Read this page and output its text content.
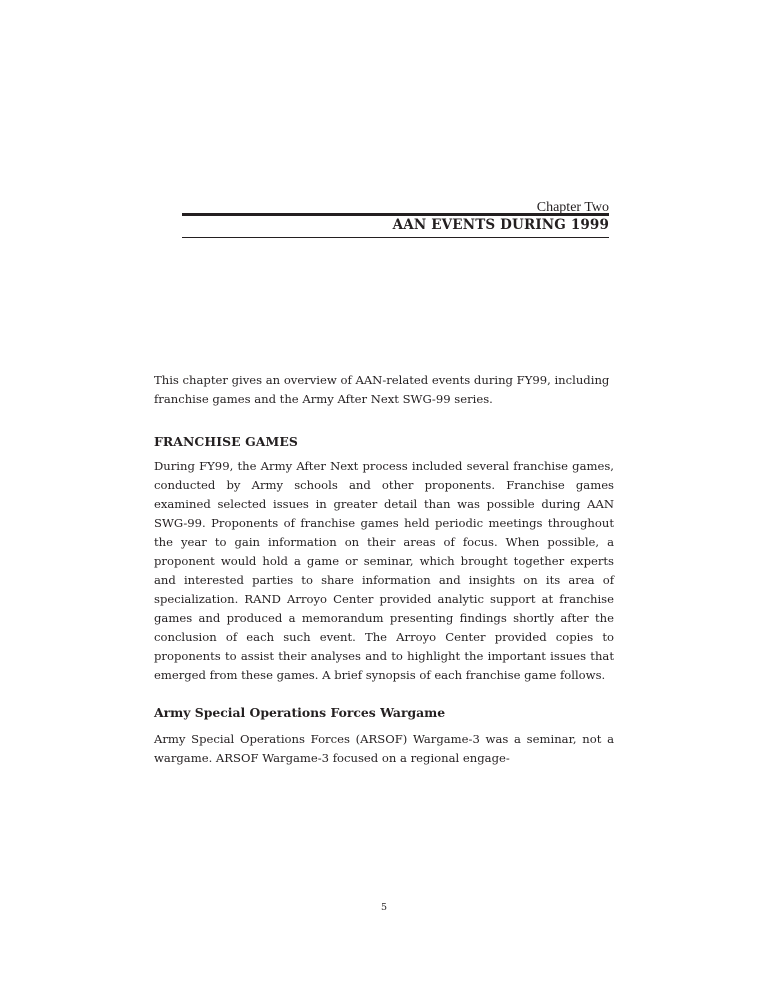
Chapter Two

AAN EVENTS DURING 1999

This chapter gives an overview of AAN-related events during FY99, including franchise games and the Army After Next SWG-99 series.

FRANCHISE GAMES

During FY99, the Army After Next process included several franchise games, conducted by Army schools and other proponents. Franchise games examined selected issues in greater detail than was possible during AAN SWG-99. Proponents of franchise games held periodic meetings throughout the year to gain information on their areas of focus. When possible, a proponent would hold a game or seminar, which brought together experts and interested parties to share information and insights on its area of specialization. RAND Arroyo Center provided analytic support at franchise games and produced a memorandum presenting findings shortly after the conclusion of each such event. The Arroyo Center provided copies to proponents to assist their analyses and to highlight the important issues that emerged from these games. A brief synopsis of each franchise game follows.

Army Special Operations Forces Wargame

Army Special Operations Forces (ARSOF) Wargame-3 was a seminar, not a wargame. ARSOF Wargame-3 focused on a regional engage-

5
